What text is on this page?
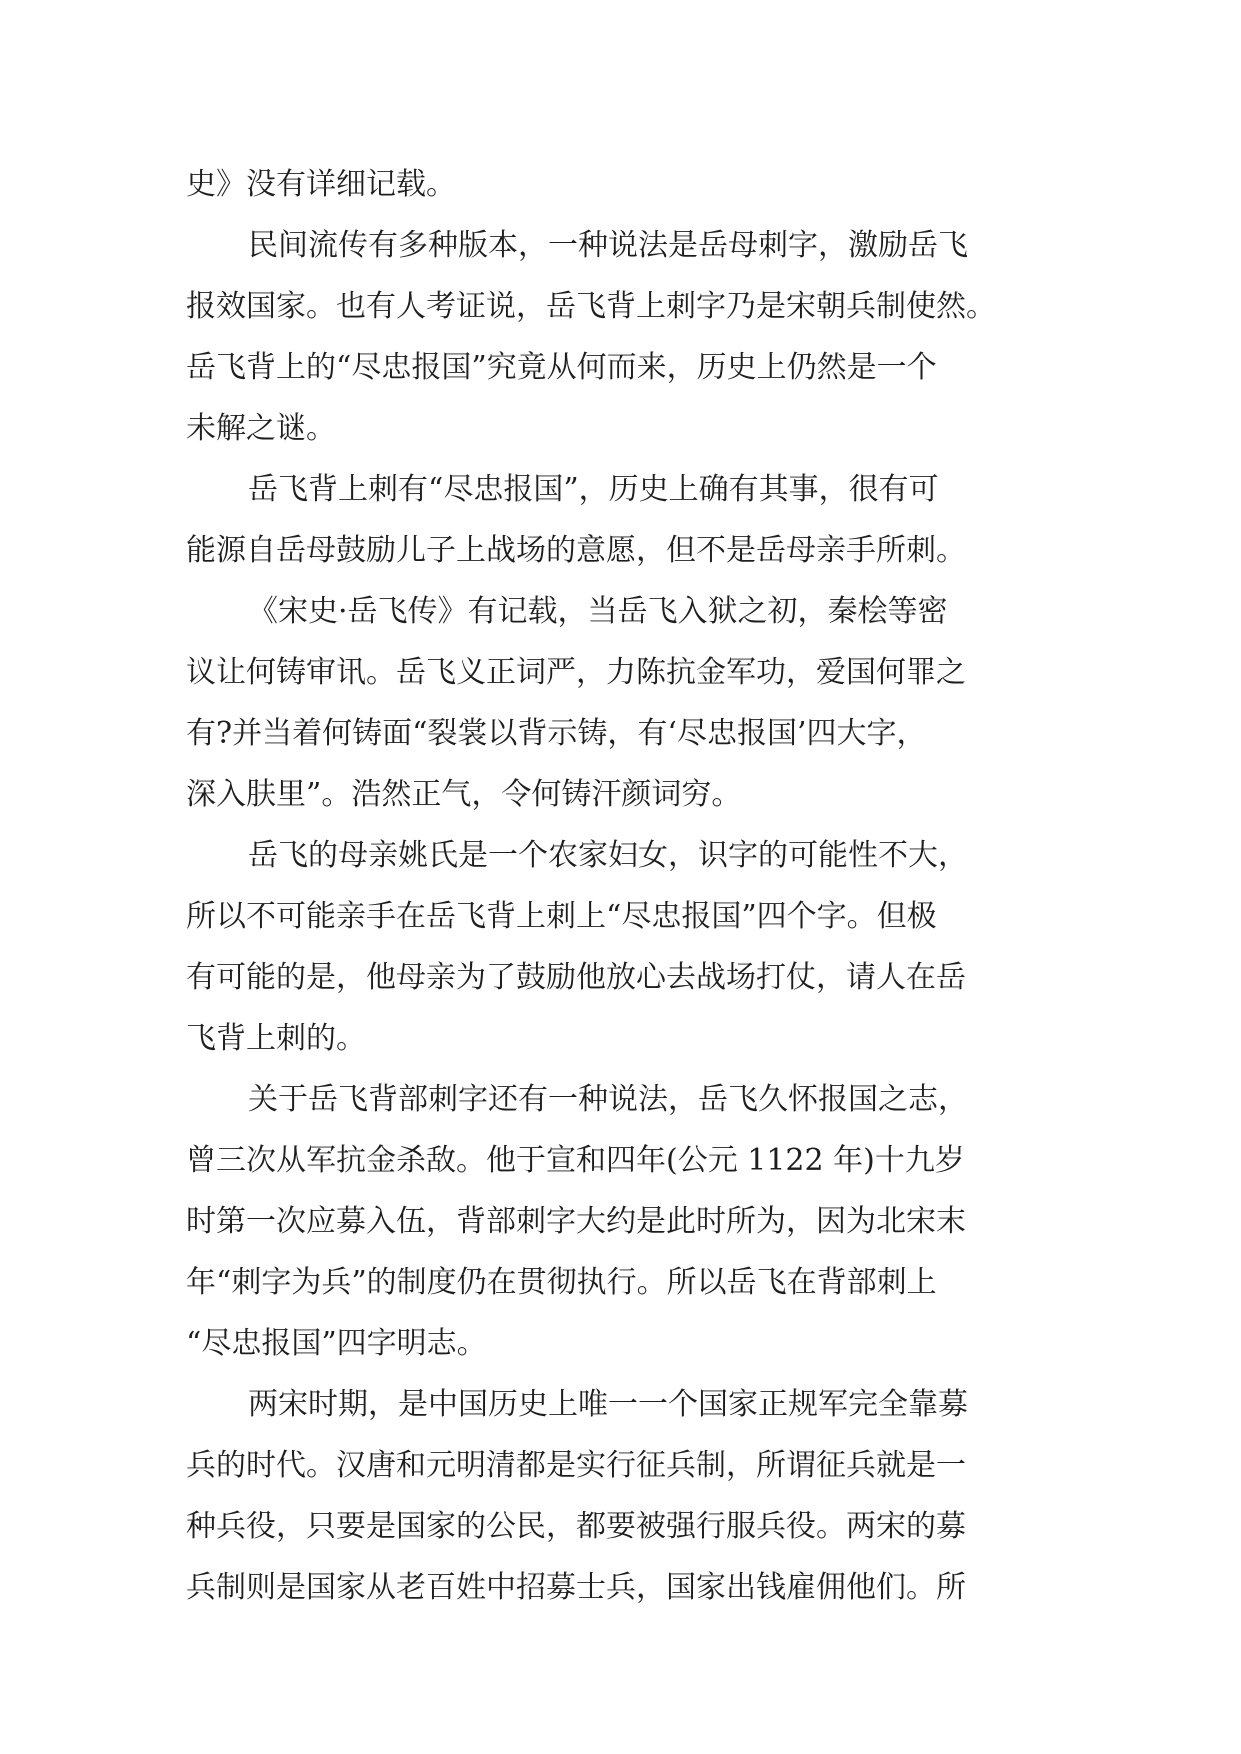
史》没有详细记载。
民间流传有多种版本，一种说法是岳母刺字，激励岳飞
报效国家。也有人考证说，岳飞背上刺字乃是宋朝兵制使然。
岳飞背上的“尽忠报国”究竟从何而来，历史上仍然是一个
未解之谜。
岳飞背上刺有“尽忠报国”，历史上确有其事，很有可
能源自岳母鼓励儿子上战场的意愿，但不是岳母亲手所刺。
《宋史·岳飞传》有记载，当岳飞入狱之初，秦桧等密
议让何铸审讯。岳飞义正词严，力陈抗金军功，爱国何罪之
有?并当着何铸面“裂裳以背示铸，有‘尽忠报国’四大字，
深入肤里”。浩然正气，令何铸汗颜词穷。
岳飞的母亲姚氏是一个农家妇女，识字的可能性不大，
所以不可能亲手在岳飞背上刺上“尽忠报国”四个字。但极
有可能的是，他母亲为了鼓励他放心去战场打仗，请人在岳
飞背上刺的。
关于岳飞背部刺字还有一种说法，岳飞久怀报国之志，
曾三次从军抗金杀敌。他于宣和四年(公元 1122 年)十九岁
时第一次应募入伍，背部刺字大约是此时所为，因为北宋末
年“刺字为兵”的制度仍在贯彻执行。所以岳飞在背部刺上
“尽忠报国”四字明志。
两宋时期，是中国历史上唯一一个国家正规军完全靠募
兵的时代。汉唐和元明清都是实行征兵制，所谓征兵就是一
种兵役，只要是国家的公民，都要被强行服兵役。两宋的募
兵制则是国家从老百姓中招募士兵，国家出钱雇佣他们。所
